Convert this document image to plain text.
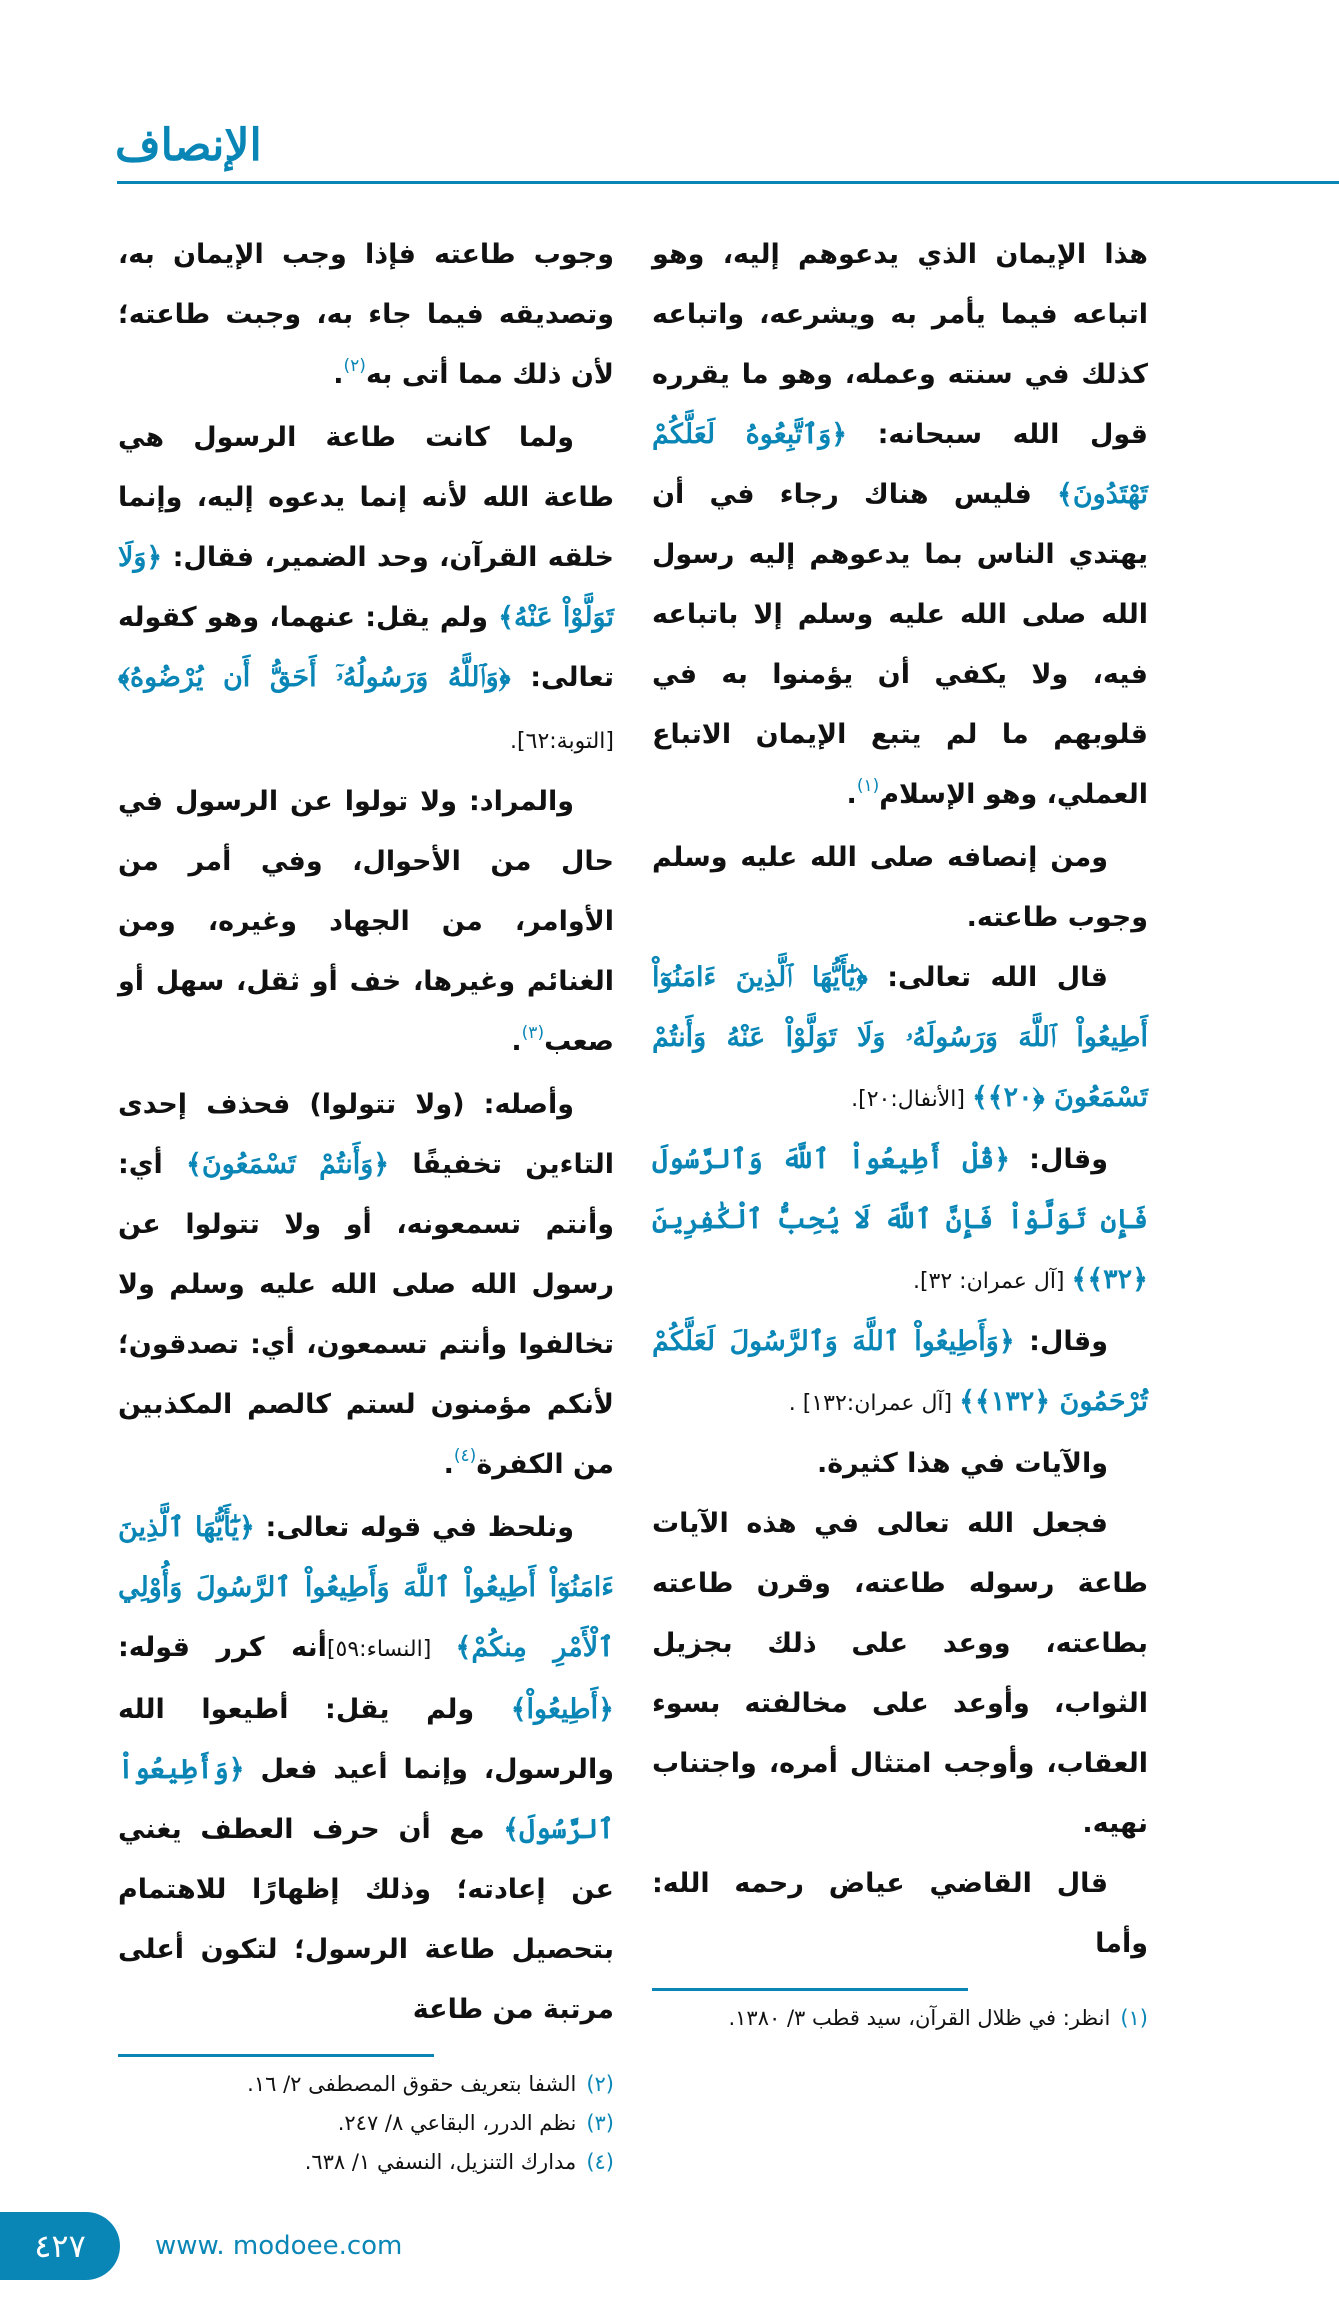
الإنصاف

هذا الإيمان الذي يدعوهم إليه، وهو اتباعه فيما يأمر به ويشرعه، واتباعه كذلك في سنته وعمله، وهو ما يقرره قول الله سبحانه: ﴿وَٱتَّبِعُوهُ لَعَلَّكُمْ تَهْتَدُونَ﴾ فليس هناك رجاء في أن يهتدي الناس بما يدعوهم إليه رسول الله صلى الله عليه وسلم إلا باتباعه فيه، ولا يكفي أن يؤمنوا به في قلوبهم ما لم يتبع الإيمان الاتباع العملي، وهو الإسلام$^{(١)}$.

ومن إنصافه صلى الله عليه وسلم وجوب طاعته.

قال الله تعالى: ﴿يَٰٓأَيُّهَا ٱلَّذِينَ ءَامَنُوٓاْ أَطِيعُواْ ٱللَّهَ وَرَسُولَهُۥ وَلَا تَوَلَّوْاْ عَنْهُ وَأَنتُمْ تَسْمَعُونَ ﴿٢٠﴾﴾ [الأنفال:٢٠].

وقال: ﴿قُلْ أَطِيعُواْ ٱللَّهَ وَٱلرَّسُولَ فَإِن تَوَلَّوْاْ فَإِنَّ ٱللَّهَ لَا يُحِبُّ ٱلْكَٰفِرِينَ ﴿٣٢﴾﴾ [آل عمران: ٣٢].

وقال: ﴿وَأَطِيعُواْ ٱللَّهَ وَٱلرَّسُولَ لَعَلَّكُمْ تُرْحَمُونَ ﴿١٣٢﴾﴾ [آل عمران:١٣٢] .

والآيات في هذا كثيرة.

فجعل الله تعالى في هذه الآيات طاعة رسوله طاعته، وقرن طاعته بطاعته، ووعد على ذلك بجزيل الثواب، وأوعد على مخالفته بسوء العقاب، وأوجب امتثال أمره، واجتناب نهيه.

قال القاضي عياض رحمه الله: وأما

(١)انظر: في ظلال القرآن، سيد قطب ٣/ ١٣٨٠.

وجوب طاعته فإذا وجب الإيمان به، وتصديقه فيما جاء به، وجبت طاعته؛ لأن ذلك مما أتى به$^{(٢)}$.

ولما كانت طاعة الرسول هي طاعة الله لأنه إنما يدعوه إليه، وإنما خلقه القرآن، وحد الضمير، فقال: ﴿وَلَا تَوَلَّوْاْ عَنْهُ﴾ ولم يقل: عنهما، وهو كقوله تعالى: ﴿وَٱللَّهُ وَرَسُولُهُۥٓ أَحَقُّ أَن يُرْضُوهُ﴾ [التوبة:٦٢].

والمراد: ولا تولوا عن الرسول في حال من الأحوال، وفي أمر من الأوامر، من الجهاد وغيره، ومن الغنائم وغيرها، خف أو ثقل، سهل أو صعب$^{(٣)}$.

وأصله: (ولا تتولوا) فحذف إحدى التاءين تخفيفًا ﴿وَأَنتُمْ تَسْمَعُونَ﴾ أي: وأنتم تسمعونه، أو ولا تتولوا عن رسول الله صلى الله عليه وسلم ولا تخالفوا وأنتم تسمعون، أي: تصدقون؛ لأنكم مؤمنون لستم كالصم المكذبين من الكفرة$^{(٤)}$.

ونلحظ في قوله تعالى: ﴿يَٰٓأَيُّهَا ٱلَّذِينَ ءَامَنُوٓاْ أَطِيعُواْ ٱللَّهَ وَأَطِيعُواْ ٱلرَّسُولَ وَأُوْلِي ٱلْأَمْرِ مِنكُمْ﴾ [النساء:٥٩]أنه كرر قوله: ﴿أَطِيعُواْ﴾ ولم يقل: أطيعوا الله والرسول، وإنما أعيد فعل ﴿وَأَطِيعُواْ ٱلرَّسُولَ﴾ مع أن حرف العطف يغني عن إعادته؛ وذلك إظهارًا للاهتمام بتحصيل طاعة الرسول؛ لتكون أعلى مرتبة من طاعة

(٢)الشفا بتعريف حقوق المصطفى ٢/ ١٦.
(٣)نظم الدرر، البقاعي ٨/ ٢٤٧.
(٤)مدارك التنزيل، النسفي ١/ ٦٣٨.
٤٢٧	www. modoee.com
